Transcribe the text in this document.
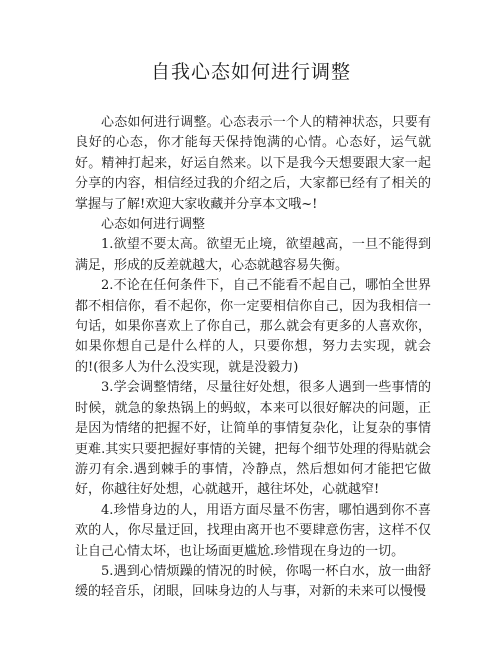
自我心态如何进行调整

心态如何进行调整。心态表示一个人的精神状态，只要有良好的心态，你才能每天保持饱满的心情。心态好，运气就好。精神打起来，好运自然来。以下是我今天想要跟大家一起分享的内容，相信经过我的介绍之后，大家都已经有了相关的掌握与了解!欢迎大家收藏并分享本文哦~!

心态如何进行调整

1.欲望不要太高。欲望无止境，欲望越高，一旦不能得到满足，形成的反差就越大，心态就越容易失衡。

2.不论在任何条件下，自己不能看不起自己，哪怕全世界都不相信你，看不起你，你一定要相信你自己，因为我相信一句话，如果你喜欢上了你自己，那么就会有更多的人喜欢你，如果你想自己是什么样的人，只要你想，努力去实现，就会的!(很多人为什么没实现，就是没毅力)

3.学会调整情绪，尽量往好处想，很多人遇到一些事情的时候，就急的象热锅上的蚂蚁，本来可以很好解决的问题，正是因为情绪的把握不好，让简单的事情复杂化，让复杂的事情更难.其实只要把握好事情的关键，把每个细节处理的得贴就会游刃有余.遇到棘手的事情，冷静点，然后想如何才能把它做好，你越往好处想，心就越开，越往坏处，心就越窄!

4.珍惜身边的人，用语方面尽量不伤害，哪怕遇到你不喜欢的人，你尽量迂回，找理由离开也不要肆意伤害，这样不仅让自己心情太坏，也让场面更尴尬.珍惜现在身边的一切。

5.遇到心情烦躁的情况的时候，你喝一杯白水，放一曲舒缓的轻音乐，闭眼，回味身边的人与事，对新的未来可以慢慢
